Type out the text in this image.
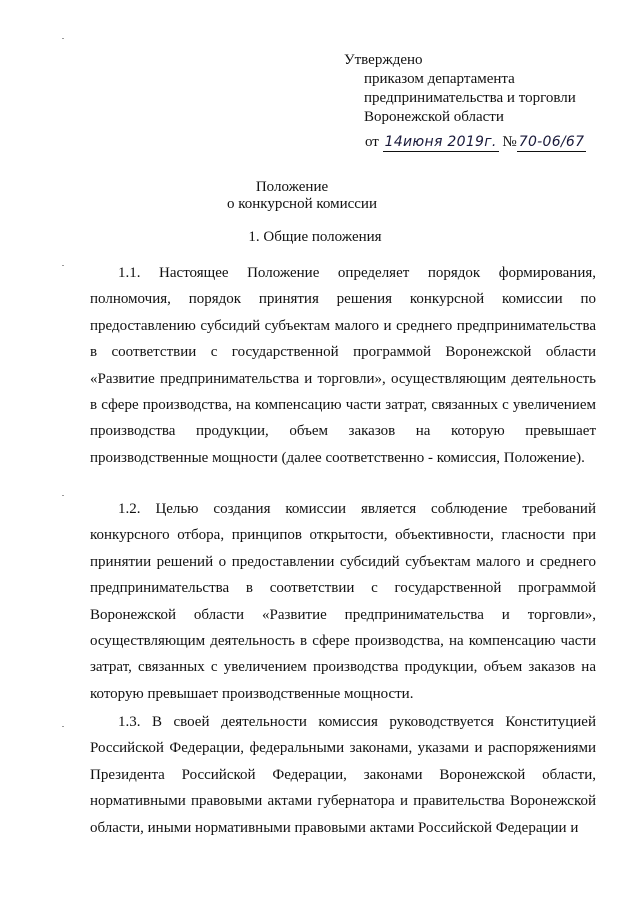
Утверждено
приказом департамента
предпринимательства и торговли
Воронежской области
от 14июня 2019г. № 70-06/67
Положение
о конкурсной комиссии
1. Общие положения

1.1. Настоящее Положение определяет порядок формирования, полномочия, порядок принятия решения конкурсной комиссии по предоставлению субсидий субъектам малого и среднего предпринимательства в соответствии с государственной программой Воронежской области «Развитие предпринимательства и торговли», осуществляющим деятельность в сфере производства, на компенсацию части затрат, связанных с увеличением производства продукции, объем заказов на которую превышает производственные мощности (далее соответственно - комиссия, Положение).

1.2. Целью создания комиссии является соблюдение требований конкурсного отбора, принципов открытости, объективности, гласности при принятии решений о предоставлении субсидий субъектам малого и среднего предпринимательства в соответствии с государственной программой Воронежской области «Развитие предпринимательства и торговли», осуществляющим деятельность в сфере производства, на компенсацию части затрат, связанных с увеличением производства продукции, объем заказов на которую превышает производственные мощности.

1.3. В своей деятельности комиссия руководствуется Конституцией Российской Федерации, федеральными законами, указами и распоряжениями Президента Российской Федерации, законами Воронежской области, нормативными правовыми актами губернатора и правительства Воронежской области, иными нормативными правовыми актами Российской Федерации и
